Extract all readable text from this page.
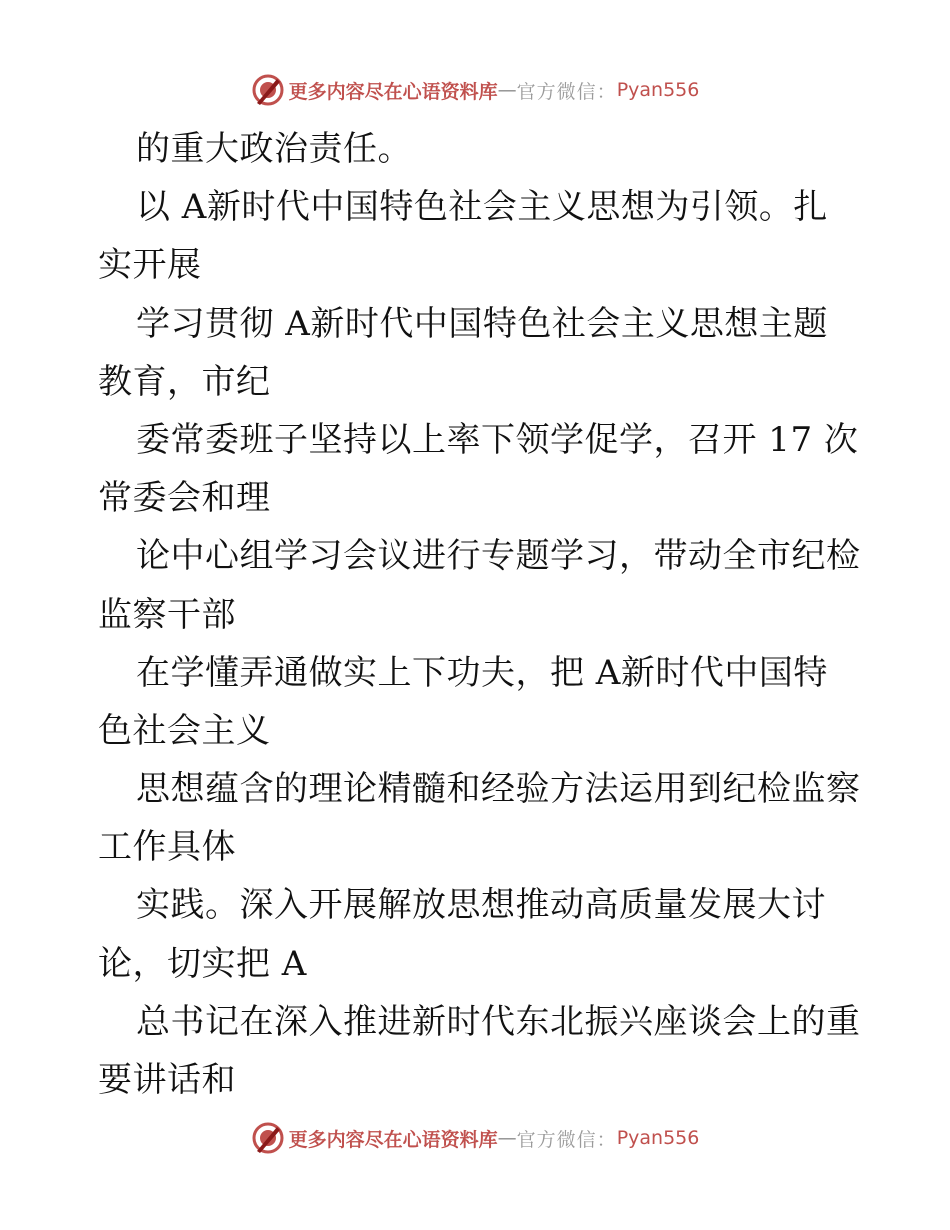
更多内容尽在心语资料库 — 官方微信： Pyan556
的重大政治责任。
以 A新时代中国特色社会主义思想为引领。扎
实开展
学习贯彻 A新时代中国特色社会主义思想主题
教育，市纪
委常委班子坚持以上率下领学促学，召开 17 次
常委会和理
论中心组学习会议进行专题学习，带动全市纪检
监察干部
在学懂弄通做实上下功夫，把 A新时代中国特
色社会主义
思想蕴含的理论精髓和经验方法运用到纪检监察
工作具体
实践。深入开展解放思想推动高质量发展大讨
论，切实把 A
总书记在深入推进新时代东北振兴座谈会上的重
要讲话和
更多内容尽在心语资料库 — 官方微信： Pyan556
